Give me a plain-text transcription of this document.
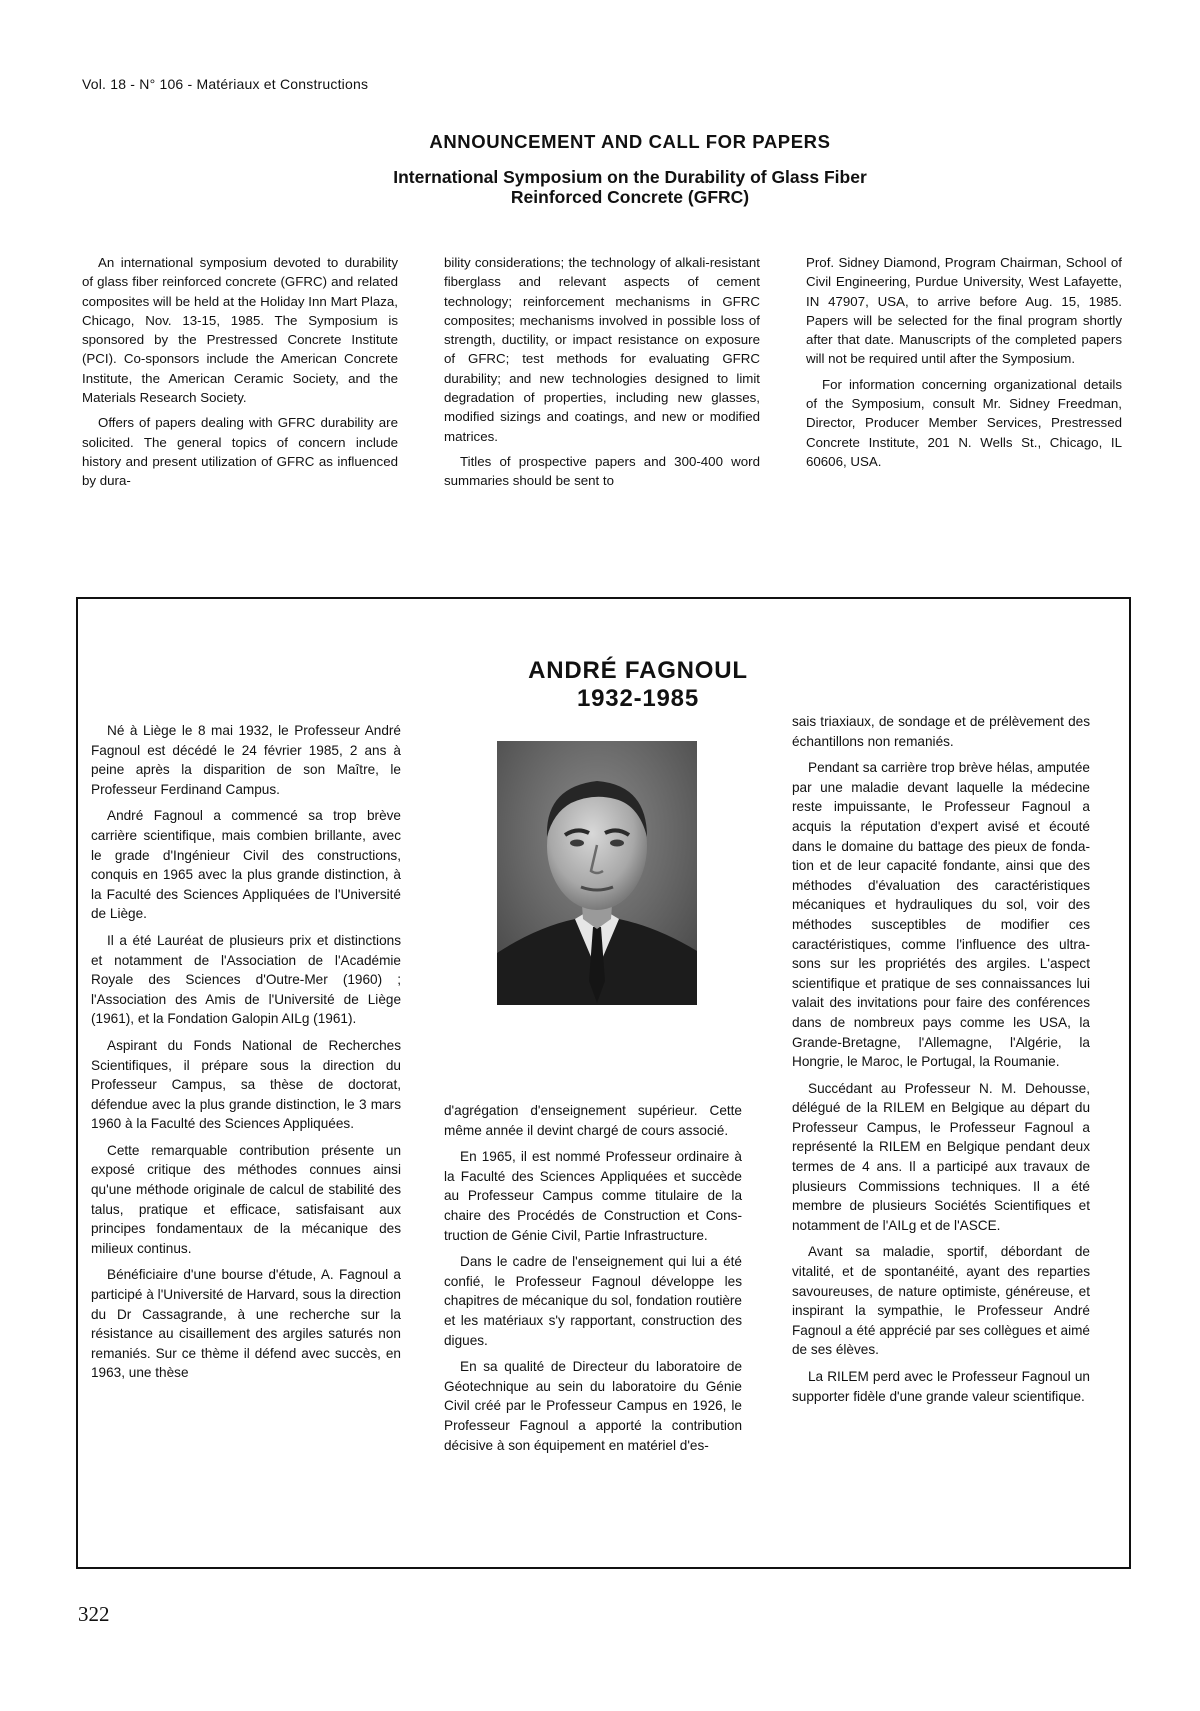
Vol. 18 - N° 106 - Matériaux et Constructions
ANNOUNCEMENT AND CALL FOR PAPERS
International Symposium on the Durability of Glass Fiber
Reinforced Concrete (GFRC)

An international symposium devoted to durability of glass fiber reinforced concrete (GFRC) and related composites will be held at the Holiday Inn Mart Plaza, Chicago, Nov. 13-15, 1985. The Symposium is sponsored by the Prestressed Concrete Institute (PCI). Co-sponsors include the American Concrete Institute, the American Ceramic Society, and the Materials Research Society.

Offers of papers dealing with GFRC durability are solicited. The general topics of concern include history and present utilization of GFRC as influenced by dura-

bility considerations; the technology of alkali-resistant fiberglass and relevant aspects of cement technology; reinforcement mechanisms in GFRC composites; mechanisms involved in possible loss of strength, ductility, or impact resistance on exposure of GFRC; test methods for evaluating GFRC durability; and new technologies designed to limit degradation of properties, including new glasses, modified sizings and coatings, and new or modified matrices.

Titles of prospective papers and 300-400 word summaries should be sent to

Prof. Sidney Diamond, Program Chairman, School of Civil Engineering, Purdue University, West Lafayette, IN 47907, USA, to arrive before Aug. 15, 1985. Papers will be selected for the final program shortly after that date. Manuscripts of the completed papers will not be required until after the Symposium.

For information concerning organizational details of the Symposium, consult Mr. Sidney Freedman, Director, Producer Member Services, Prestressed Concrete Institute, 201 N. Wells St., Chicago, IL 60606, USA.

ANDRÉ FAGNOUL
1932-1985

Né à Liège le 8 mai 1932, le Professeur André Fagnoul est décédé le 24 février 1985, 2 ans à peine après la disparition de son Maître, le Professeur Ferdinand Campus.

André Fagnoul a commencé sa trop brève carrière scientifique, mais combien brillante, avec le grade d'Ingénieur Civil des constructions, conquis en 1965 avec la plus grande distinction, à la Faculté des Sciences Appliquées de l'Université de Liège.

Il a été Lauréat de plusieurs prix et distinctions et notamment de l'Association de l'Académie Royale des Sciences d'Outre-Mer (1960) ; l'Association des Amis de l'Université de Liège (1961), et la Fondation Galopin AILg (1961).

Aspirant du Fonds National de Recherches Scientifiques, il prépare sous la direction du Professeur Campus, sa thèse de doctorat, défendue avec la plus grande distinction, le 3 mars 1960 à la Faculté des Sciences Appliquées.

Cette remarquable contribution présente un exposé critique des méthodes connues ainsi qu'une méthode originale de calcul de stabilité des talus, pratique et efficace, satisfaisant aux principes fondamentaux de la mécanique des milieux continus.

Bénéficiaire d'une bourse d'étude, A. Fagnoul a participé à l'Université de Harvard, sous la direction du Dr Cassagrande, à une recherche sur la résistance au cisaillement des argiles saturés non remaniés. Sur ce thème il défend avec succès, en 1963, une thèse

d'agrégation d'enseignement supérieur. Cette même année il devint chargé de cours associé.

En 1965, il est nommé Professeur ordinaire à la Faculté des Sciences Appliquées et succède au Professeur Campus comme titulaire de la chaire des Procédés de Construction et Construction de Génie Civil, Partie Infrastructure.

Dans le cadre de l'enseignement qui lui a été confié, le Professeur Fagnoul développe les chapitres de mécanique du sol, fondation routière et les matériaux s'y rapportant, construction des digues.

En sa qualité de Directeur du laboratoire de Géotechnique au sein du laboratoire du Génie Civil créé par le Professeur Campus en 1926, le Professeur Fagnoul a apporté la contribution décisive à son équipement en matériel d'es-

sais triaxiaux, de sondage et de prélèvement des échantillons non remaniés.

Pendant sa carrière trop brève hélas, amputée par une maladie devant laquelle la médecine reste impuissante, le Professeur Fagnoul a acquis la réputation d'expert avisé et écouté dans le domaine du battage des pieux de fondation et de leur capacité fondante, ainsi que des méthodes d'évaluation des caractéristiques mécaniques et hydrauliques du sol, voir des méthodes susceptibles de modifier ces caractéristiques, comme l'influence des ultra-sons sur les propriétés des argiles. L'aspect scientifique et pratique de ses connaissances lui valait des invitations pour faire des conférences dans de nombreux pays comme les USA, la Grande-Bretagne, l'Allemagne, l'Algérie, la Hongrie, le Maroc, le Portugal, la Roumanie.

Succédant au Professeur N. M. Dehousse, délégué de la RILEM en Belgique au départ du Professeur Campus, le Professeur Fagnoul a représenté la RILEM en Belgique pendant deux termes de 4 ans. Il a participé aux travaux de plusieurs Commissions techniques. Il a été membre de plusieurs Sociétés Scientifiques et notamment de l'AILg et de l'ASCE.

Avant sa maladie, sportif, débordant de vitalité, et de spontanéité, ayant des reparties savoureuses, de nature optimiste, généreuse, et inspirant la sympathie, le Professeur André Fagnoul a été apprécié par ses collègues et aimé de ses élèves.

La RILEM perd avec le Professeur Fagnoul un supporter fidèle d'une grande valeur scientifique.

322
